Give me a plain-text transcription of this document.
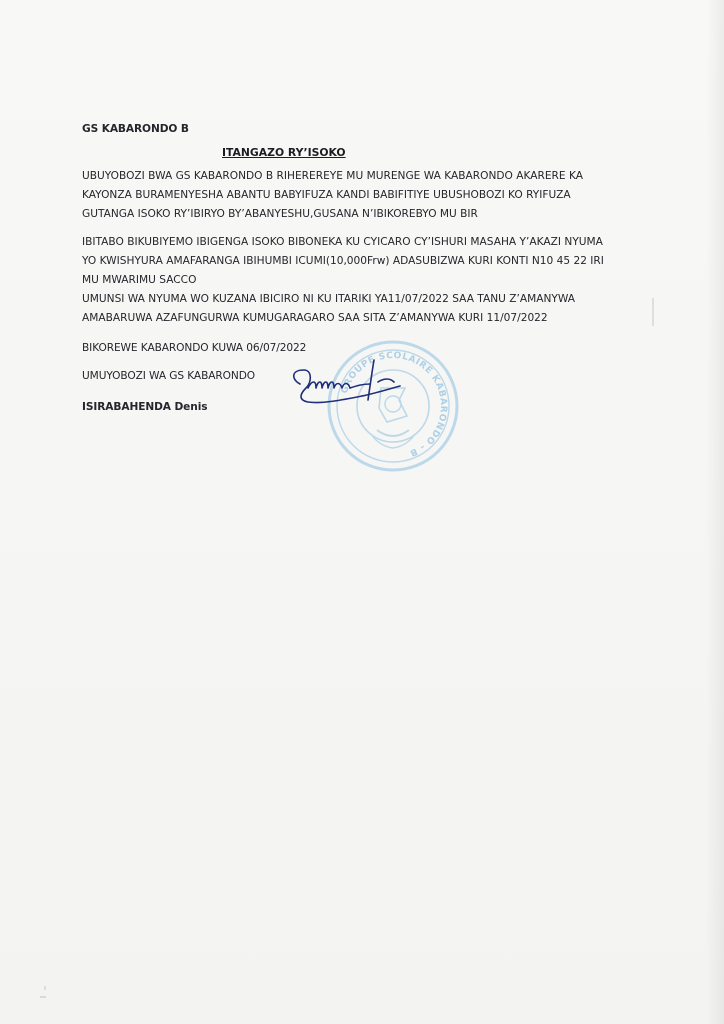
GS KABARONDO B
ITANGAZO RY’ISOKO
UBUYOBOZI BWA GS KABARONDO B RIHEREREYE MU MURENGE WA KABARONDO AKARERE KA
KAYONZA BURAMENYESHA ABANTU BABYIFUZA KANDI BABIFITIYE UBUSHOBOZI KO RYIFUZA
GUTANGA ISOKO RY’IBIRYO BY’ABANYESHU,GUSANA N’IBIKOREBYO MU BIR
IBITABO BIKUBIYEMO IBIGENGA ISOKO BIBONEKA KU CYICARO CY’ISHURI MASAHA Y’AKAZI NYUMA
YO KWISHYURA AMAFARANGA IBIHUMBI ICUMI(10,000Frw) ADASUBIZWA KURI KONTI N10 45 22 IRI
MU MWARIMU SACCO
UMUNSI WA NYUMA WO KUZANA IBICIRO NI KU ITARIKI YA11/07/2022 SAA TANU Z’AMANYWA
AMABARUWA AZAFUNGURWA KUMUGARAGARO SAA SITA Z’AMANYWA KURI 11/07/2022
BIKOREWE KABARONDO KUWA 06/07/2022
UMUYOBOZI WA GS KABARONDO
ISIRABAHENDA Denis
GROUPE SCOLAIRE KABARONDO - B
